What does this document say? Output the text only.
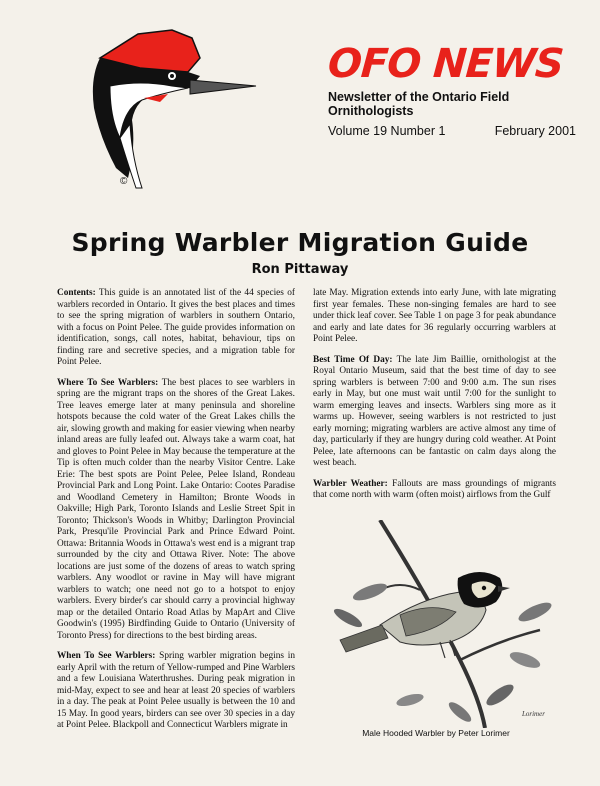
©
OFO NEWS
Newsletter of the Ontario Field Ornithologists
Volume 19 Number 1	February 2001
Spring Warbler Migration Guide
Ron Pittaway

Contents: This guide is an annotated list of the 44 species of warblers recorded in Ontario. It gives the best places and times to see the spring migration of warblers in southern Ontario, with a focus on Point Pelee. The guide provides information on identification, songs, call notes, habitat, behaviour, tips on finding rare and secretive species, and a migration table for Point Pelee.

Where To See Warblers: The best places to see warblers in spring are the migrant traps on the shores of the Great Lakes. Tree leaves emerge later at many peninsula and shoreline hotspots because the cold water of the Great Lakes chills the air, slowing growth and making for easier viewing when nearby inland areas are fully leafed out. Always take a warm coat, hat and gloves to Point Pelee in May because the temperature at the Tip is often much colder than the nearby Visitor Centre. Lake Erie: The best spots are Point Pelee, Pelee Island, Rondeau Provincial Park and Long Point. Lake Ontario: Cootes Paradise and Woodland Cemetery in Hamilton; Bronte Woods in Oakville; High Park, Toronto Islands and Leslie Street Spit in Toronto; Thickson's Woods in Whitby; Darlington Provincial Park, Presqu'ile Provincial Park and Prince Edward Point. Ottawa: Britannia Woods in Ottawa's west end is a migrant trap surrounded by the city and Ottawa River. Note: The above locations are just some of the dozens of areas to watch spring warblers. Any woodlot or ravine in May will have migrant warblers to watch; one need not go to a hotspot to enjoy warblers. Every birder's car should carry a provincial highway map or the detailed Ontario Road Atlas by MapArt and Clive Goodwin's (1995) Birdfinding Guide to Ontario (University of Toronto Press) for directions to the best birding areas.

When To See Warblers: Spring warbler migration begins in early April with the return of Yellow-rumped and Pine Warblers and a few Louisiana Waterthrushes. During peak migration in mid-May, expect to see and hear at least 20 species of warblers in a day. The peak at Point Pelee usually is between the 10 and 15 May. In good years, birders can see over 30 species in a day at Point Pelee. Blackpoll and Connecticut Warblers migrate in

late May. Migration extends into early June, with late migrating first year females. These non-singing females are hard to see under thick leaf cover. See Table 1 on page 3 for peak abundance and early and late dates for 36 regularly occurring warblers at Point Pelee.

Best Time Of Day: The late Jim Baillie, ornithologist at the Royal Ontario Museum, said that the best time of day to see spring warblers is between 7:00 and 9:00 a.m. The sun rises early in May, but one must wait until 7:00 for the sunlight to warm emerging leaves and insects. Warblers sing more as it warms up. However, seeing warblers is not restricted to just early morning; migrating warblers are active almost any time of day, particularly if they are hungry during cold weather. At Point Pelee, late afternoons can be fantastic on calm days along the west beach.

Warbler Weather: Fallouts are mass groundings of migrants that come north with warm (often moist) airflows from the Gulf

Lorimer
Male Hooded Warbler by Peter Lorimer
